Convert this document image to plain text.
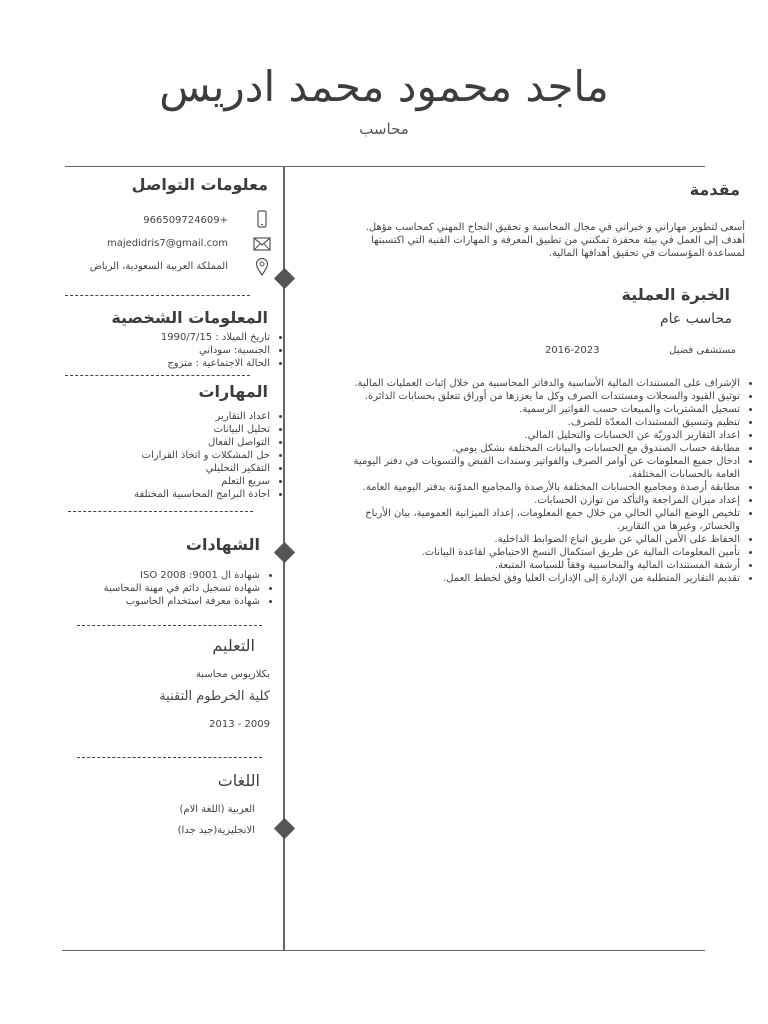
ماجد محمود محمد ادريس
محاسب
معلومات التواصل
+966509724609
majedidris7@gmail.com
المملكة العربية السعودية، الرياض
المعلومات الشخصية
• تاريخ الميلاد : 1990/7/15
• الجنسية: سوداني
• الحالة الاجتماعية : متزوج
المهارات
• اعداد التقارير
• تحليل البيانات
• التواصل الفعال
• حل المشكلات و اتخاذ القرارات
• التفكير التحليلي
• سريع التعلم
• اجادة البرامج المحاسبية المختلفة
الشهادات
• شهادة ال 9001: ISO 2008
• شهادة تسجيل دائم في مهنة المحاسبة
• شهادة معرفة استخدام الحاسوب
التعليم
بكلاريوس محاسبة
كلية الخرطوم التقنية
2009 - 2013
اللغات
العربية (اللغة الام)
الانجليزية(جيد جدا)
مقدمة
أسعى لتطوير مهاراتي و خبراتي في مجال المحاسبة و تحقيق النجاح المهني كمحاسب مؤهل.
أهدف إلى العمل في بيئة محفزة تمكنني من تطبيق المعرفة و المهارات الفنية التي اكتسبتها
لمساعدة المؤسسات في تحقيق أهدافها المالية.
الخبرة العملية
محاسب عام
مستشفى فضيل
2016-2023
• الإشراف على المستندات المالية الأساسية والدفاتر المحاسبية من خلال إثبات العمليات المالية.
• توثيق القيود والسجلات ومستندات الصرف وكل ما يعززها من أوراق تتعلق بحسابات الدائرة.
• تسجيل المشتريات والمبيعات حسب الفواتير الرسمية.
• تنظيم وتنسيق المستندات المعدّة للصرف.
• اعداد التقارير الدوريّة عن الحسابات والتحليل المالي.
• مطابقة حساب الصندوق مع الحسابات والبيانات المختلفة بشكل يومي.
• ادخال جميع المعلومات عن أوامر الصرف والفواتير وسندات القبض والتسويات في دفتر اليومية العامة بالحسابات المختلفة.
• مطابقة أرصدة ومجاميع الحسابات المختلفة بالأرصدة والمجاميع المدوّنة بدفتر اليومية العامة.
• إعداد ميزان المراجعة والتأكد من توازن الحسابات.
• تلخيص الوضع المالي الحالي من خلال جمع المعلومات، إعداد الميزانية العمومية، بيان الأرباح والخسائر، وغيرها من التقارير.
• الحفاظ على الأمن المالي عن طريق اتباع الضوابط الداخلية.
• تأمين المعلومات المالية عن طريق استكمال النسخ الاحتياطي لقاعدة البيانات.
• أرشفة المستندات المالية والمحاسبية وفقاً للسياسة المتبعة.
• تقديم التقارير المتطلبة من الإدارة إلى الإدارات العليا وفق لخطط العمل.
